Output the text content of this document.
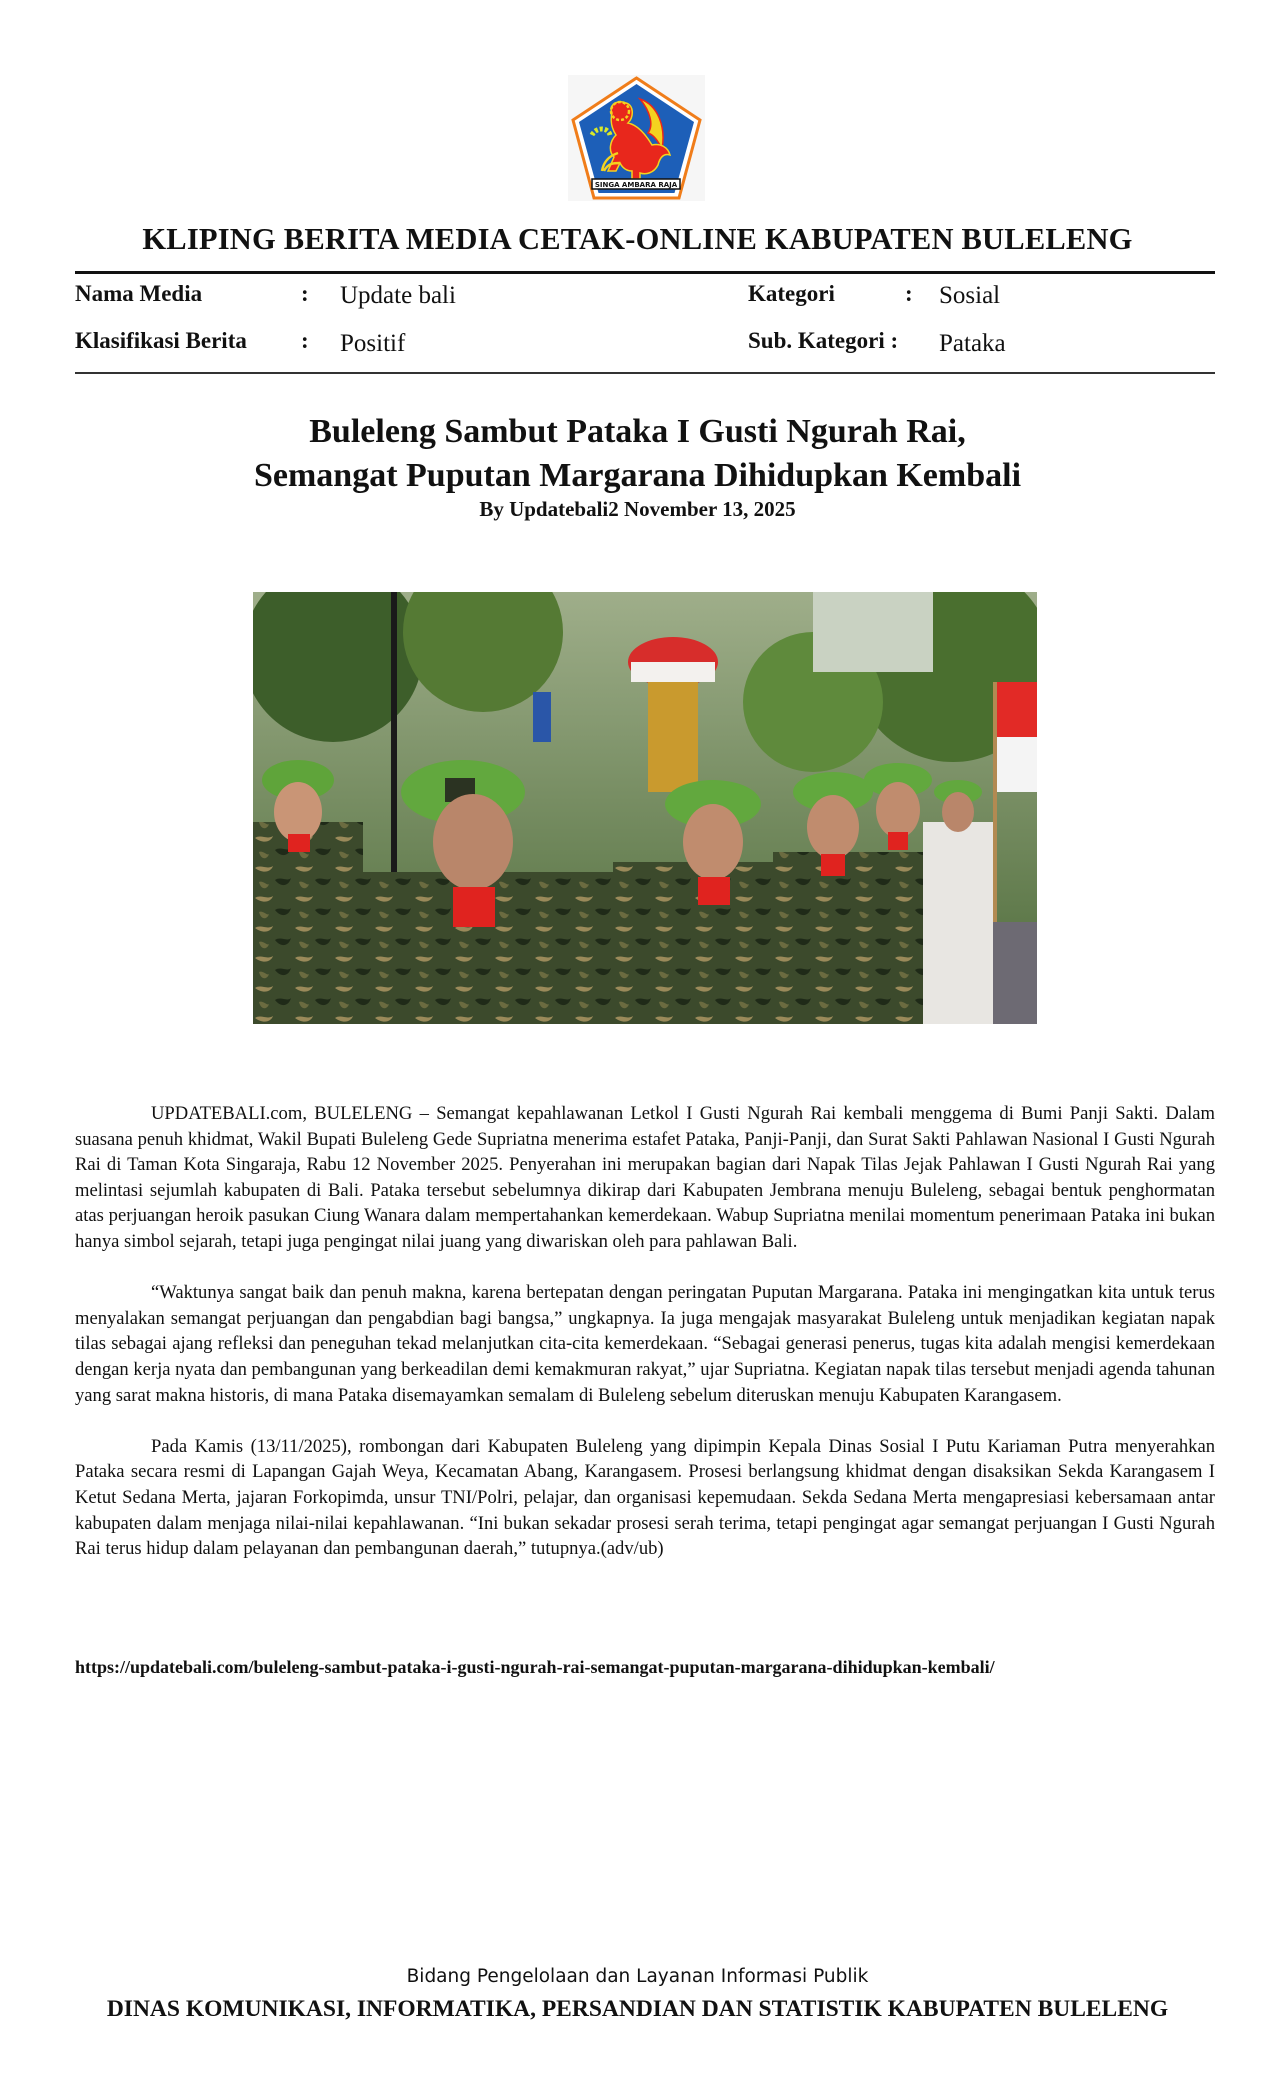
SINGA AMBARA RAJA
KLIPING BERITA MEDIA CETAK-ONLINE KABUPATEN BULELENG
Nama Media	: Update bali
Klasifikasi Berita : Positif
Kategori	: Sosial
Sub. Kategori : Pataka
Buleleng Sambut Pataka I Gusti Ngurah Rai,
Semangat Puputan Margarana Dihidupkan Kembali
By Updatebali2 November 13, 2025

UPDATEBALI.com, BULELENG – Semangat kepahlawanan Letkol I Gusti Ngurah Rai kembali menggema di Bumi Panji Sakti. Dalam suasana penuh khidmat, Wakil Bupati Buleleng Gede Supriatna menerima estafet Pataka, Panji-Panji, dan Surat Sakti Pahlawan Nasional I Gusti Ngurah Rai di Taman Kota Singaraja, Rabu 12 November 2025. Penyerahan ini merupakan bagian dari Napak Tilas Jejak Pahlawan I Gusti Ngurah Rai yang melintasi sejumlah kabupaten di Bali. Pataka tersebut sebelumnya dikirap dari Kabupaten Jembrana menuju Buleleng, sebagai bentuk penghormatan atas perjuangan heroik pasukan Ciung Wanara dalam mempertahankan kemerdekaan. Wabup Supriatna menilai momentum penerimaan Pataka ini bukan hanya simbol sejarah, tetapi juga pengingat nilai juang yang diwariskan oleh para pahlawan Bali.

“Waktunya sangat baik dan penuh makna, karena bertepatan dengan peringatan Puputan Margarana. Pataka ini mengingatkan kita untuk terus menyalakan semangat perjuangan dan pengabdian bagi bangsa,” ungkapnya. Ia juga mengajak masyarakat Buleleng untuk menjadikan kegiatan napak tilas sebagai ajang refleksi dan peneguhan tekad melanjutkan cita-cita kemerdekaan. “Sebagai generasi penerus, tugas kita adalah mengisi kemerdekaan dengan kerja nyata dan pembangunan yang berkeadilan demi kemakmuran rakyat,” ujar Supriatna. Kegiatan napak tilas tersebut menjadi agenda tahunan yang sarat makna historis, di mana Pataka disemayamkan semalam di Buleleng sebelum diteruskan menuju Kabupaten Karangasem.

Pada Kamis (13/11/2025), rombongan dari Kabupaten Buleleng yang dipimpin Kepala Dinas Sosial I Putu Kariaman Putra menyerahkan Pataka secara resmi di Lapangan Gajah Weya, Kecamatan Abang, Karangasem. Prosesi berlangsung khidmat dengan disaksikan Sekda Karangasem I Ketut Sedana Merta, jajaran Forkopimda, unsur TNI/Polri, pelajar, dan organisasi kepemudaan. Sekda Sedana Merta mengapresiasi kebersamaan antar kabupaten dalam menjaga nilai-nilai kepahlawanan. “Ini bukan sekadar prosesi serah terima, tetapi pengingat agar semangat perjuangan I Gusti Ngurah Rai terus hidup dalam pelayanan dan pembangunan daerah,” tutupnya.(adv/ub)

https://updatebali.com/buleleng-sambut-pataka-i-gusti-ngurah-rai-semangat-puputan-margarana-dihidupkan-kembali/
Bidang Pengelolaan dan Layanan Informasi Publik
DINAS KOMUNIKASI, INFORMATIKA, PERSANDIAN DAN STATISTIK KABUPATEN BULELENG
